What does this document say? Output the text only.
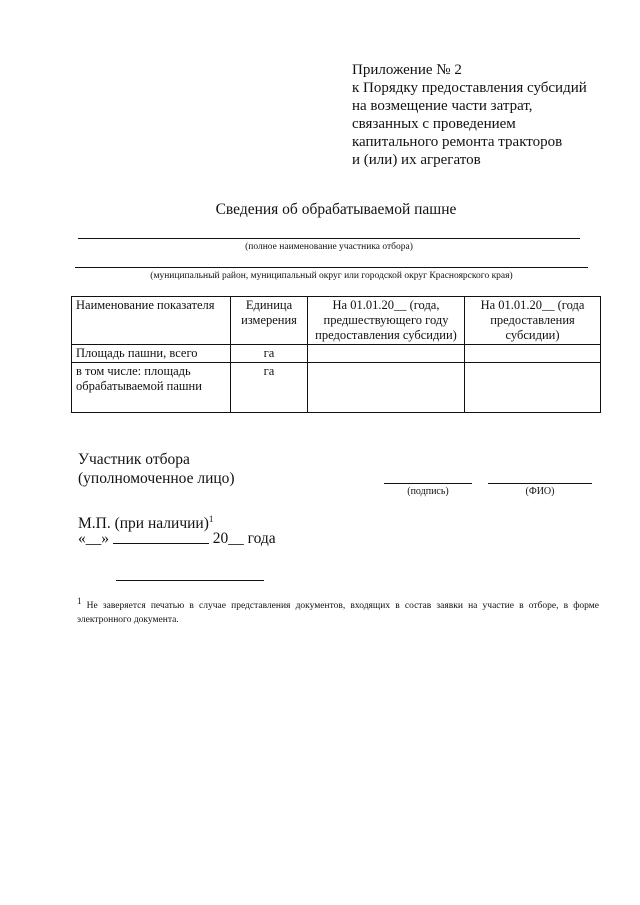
Приложение № 2
к Порядку предоставления субсидий
на возмещение части затрат,
связанных с проведением
капитального ремонта тракторов
и (или) их агрегатов
Сведения об обрабатываемой пашне
(полное наименование участника отбора)
(муниципальный район, муниципальный округ или городской округ Красноярского края)
Наименование показателя	Единица измерения	На 01.01.20__ (года, предшествующего году предоставления субсидии)	На 01.01.20__ (года предоставления субсидии)
Площадь пашни, всего	га		
в том числе: площадь обрабатываемой пашни	га		
Участник отбора
(уполномоченное лицо)
(подпись)	(ФИО)
М.П. (при наличии)$^1$
«__»	20__ года
$^1$ Не заверяется печатью в случае представления документов, входящих в состав заявки на участие в отборе, в форме электронного документа.
